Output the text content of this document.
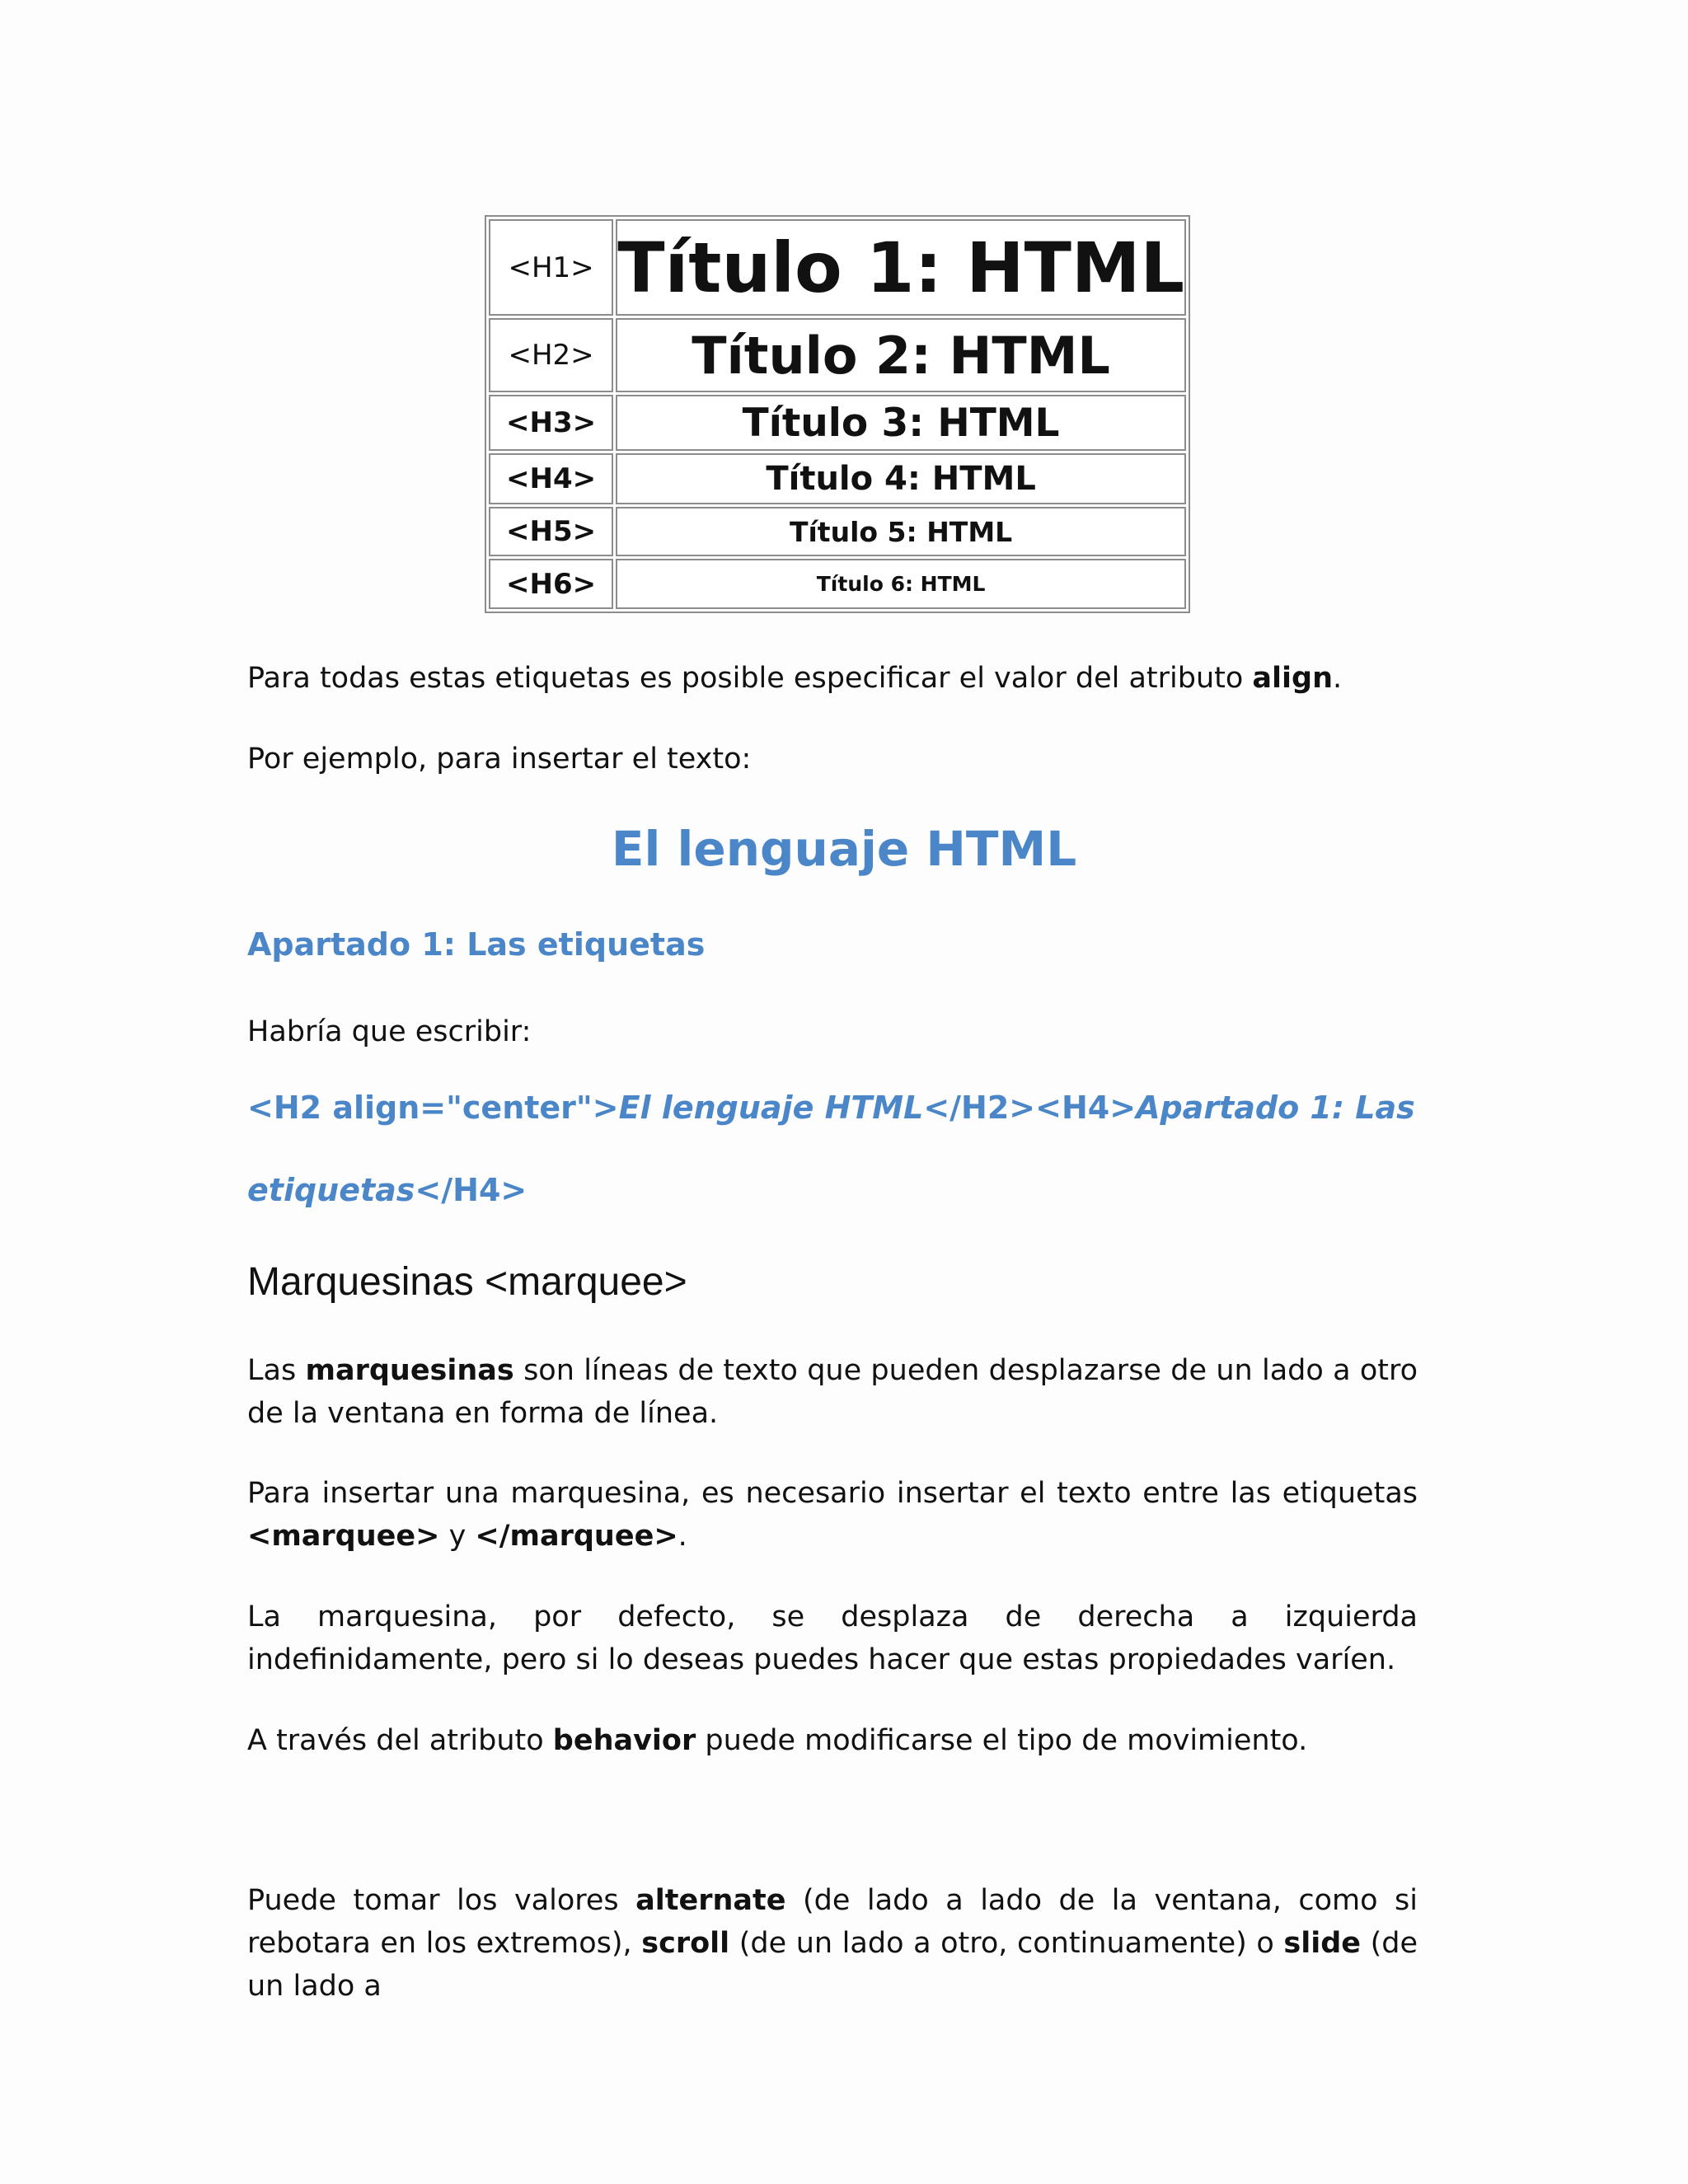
<H1>	Título 1: HTML
<H2>	Título 2: HTML
<H3>	Título 3: HTML
<H4>	Título 4: HTML
<H5>	Título 5: HTML
<H6>	Título 6: HTML

Para todas estas etiquetas es posible especificar el valor del atributo align.

Por ejemplo, para insertar el texto:

El lenguaje HTML

Apartado 1: Las etiquetas

Habría que escribir:

<H2 align="center">El lenguaje HTML</H2><H4>Apartado 1: Las

etiquetas</H4>

Marquesinas <marquee>

Las marquesinas son líneas de texto que pueden desplazarse de un lado a otro de la ventana en forma de línea.

Para insertar una marquesina, es necesario insertar el texto entre las etiquetas <marquee> y </marquee>.

La marquesina, por defecto, se desplaza de derecha a izquierda indefinidamente, pero si lo deseas puedes hacer que estas propiedades varíen.

A través del atributo behavior puede modificarse el tipo de movimiento.

Puede tomar los valores alternate (de lado a lado de la ventana, como si rebotara en los extremos), scroll (de un lado a otro, continuamente) o slide (de un lado a
